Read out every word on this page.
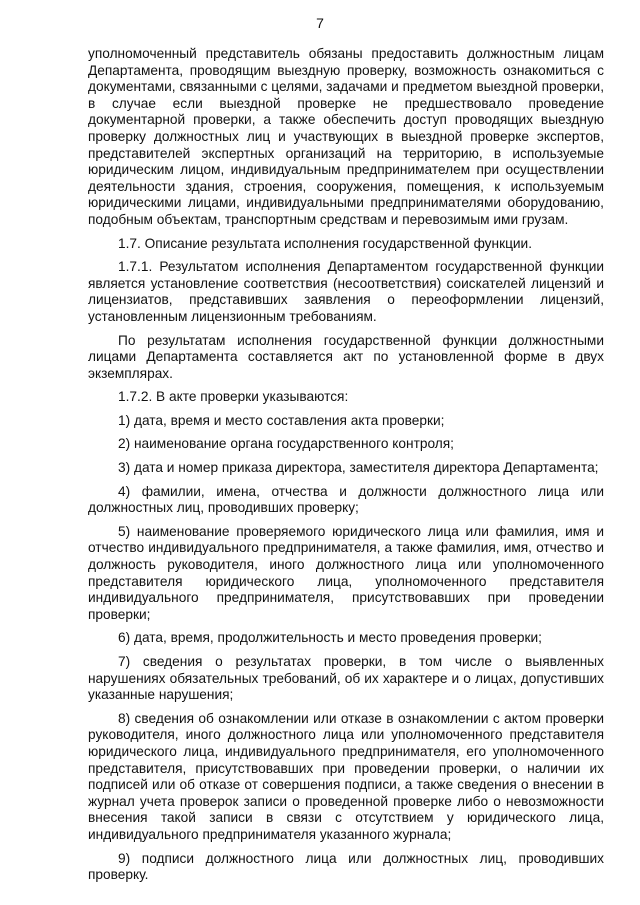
7

уполномоченный представитель обязаны предоставить должностным лицам Департамента, проводящим выездную проверку, возможность ознакомиться с документами, связанными с целями, задачами и предметом выездной проверки, в случае если выездной проверке не предшествовало проведение документарной проверки, а также обеспечить доступ проводящих выездную проверку должностных лиц и участвующих в выездной проверке экспертов, представителей экспертных организаций на территорию, в используемые юридическим лицом, индивидуальным предпринимателем при осуществлении деятельности здания, строения, сооружения, помещения, к используемым юридическими лицами, индивидуальными предпринимателями оборудованию, подобным объектам, транспортным средствам и перевозимым ими грузам.

1.7. Описание результата исполнения государственной функции.

1.7.1. Результатом исполнения Департаментом государственной функции является установление соответствия (несоответствия) соискателей лицензий и лицензиатов, представивших заявления о переоформлении лицензий, установленным лицензионным требованиям.

По результатам исполнения государственной функции должностными лицами Департамента составляется акт по установленной форме в двух экземплярах.

1.7.2. В акте проверки указываются:

1) дата, время и место составления акта проверки;

2) наименование органа государственного контроля;

3) дата и номер приказа директора, заместителя директора Департамента;

4) фамилии, имена, отчества и должности должностного лица или должностных лиц, проводивших проверку;

5) наименование проверяемого юридического лица или фамилия, имя и отчество индивидуального предпринимателя, а также фамилия, имя, отчество и должность руководителя, иного должностного лица или уполномоченного представителя юридического лица, уполномоченного представителя индивидуального предпринимателя, присутствовавших при проведении проверки;

6) дата, время, продолжительность и место проведения проверки;

7) сведения о результатах проверки, в том числе о выявленных нарушениях обязательных требований, об их характере и о лицах, допустивших указанные нарушения;

8) сведения об ознакомлении или отказе в ознакомлении с актом проверки руководителя, иного должностного лица или уполномоченного представителя юридического лица, индивидуального предпринимателя, его уполномоченного представителя, присутствовавших при проведении проверки, о наличии их подписей или об отказе от совершения подписи, а также сведения о внесении в журнал учета проверок записи о проведенной проверке либо о невозможности внесения такой записи в связи с отсутствием у юридического лица, индивидуального предпринимателя указанного журнала;

9) подписи должностного лица или должностных лиц, проводивших проверку.
